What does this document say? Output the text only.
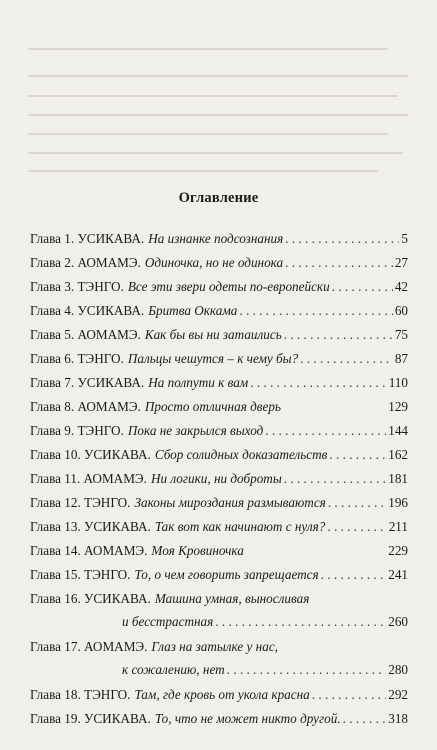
Оглавление
Глава 1. УСИКАВА. На изнанке подсознания . . .	5
Глава 2. АОМАМЭ. Одиночка, но не одинока . . .	27
Глава 3. ТЭНГО. Все эти звери одеты по-европейски . . .	42
Глава 4. УСИКАВА. Бритва Оккама . . .	60
Глава 5. АОМАМЭ. Как бы вы ни затаились . . .	75
Глава 6. ТЭНГО. Пальцы чешутся – к чему бы? . . .	87
Глава 7. УСИКАВА. На полпути к вам . . .	110
Глава 8. АОМАМЭ. Просто отличная дверь	129
Глава 9. ТЭНГО. Пока не закрылся выход . . .	144
Глава 10. УСИКАВА. Сбор солидных доказательств . . .	162
Глава 11. АОМАМЭ. Ни логики, ни доброты . . .	181
Глава 12. ТЭНГО. Законы мироздания размываются . . .	196
Глава 13. УСИКАВА. Так вот как начинают с нуля? . . .	211
Глава 14. АОМАМЭ. Моя Кровиночка	229
Глава 15. ТЭНГО. То, о чем говорить запрещается . . .	241
Глава 16. УСИКАВА. Машина умная, выносливая
и бесстрастная . . .	260
Глава 17. АОМАМЭ. Глаз на затылке у нас,
к сожалению, нет . . .	280
Глава 18. ТЭНГО. Там, где кровь от укола красна . . .	292
Глава 19. УСИКАВА. То, что не может никто другой. . . .	318
